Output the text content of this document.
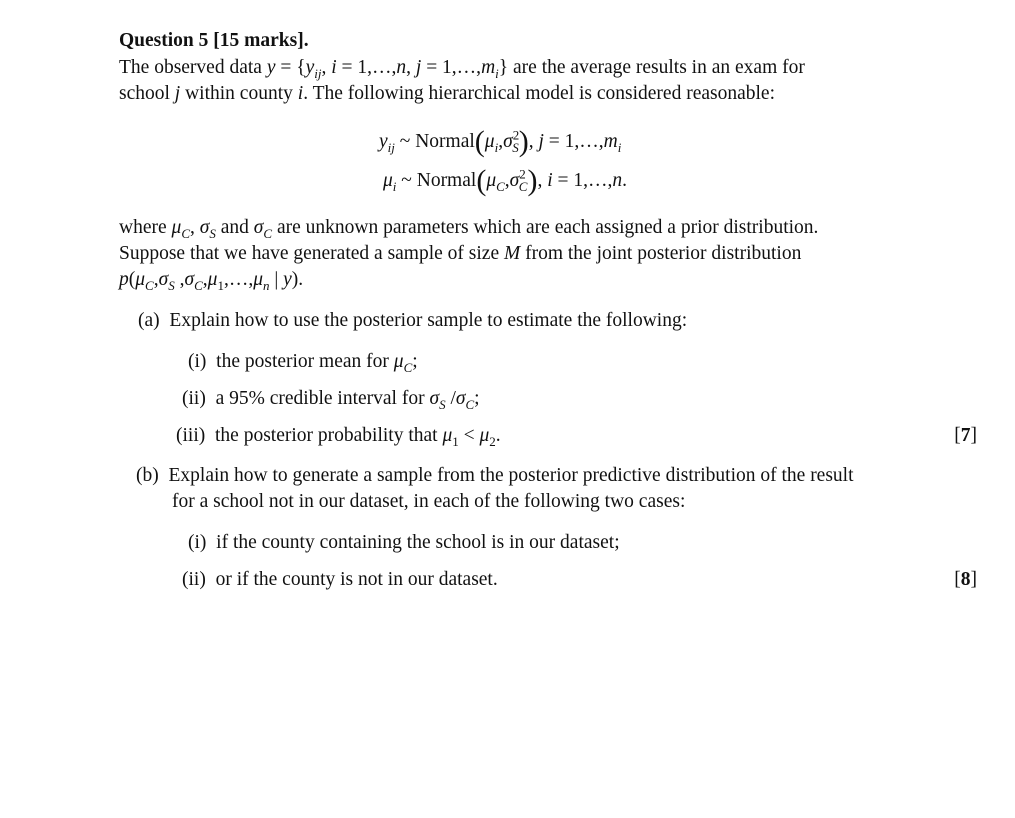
Question 5 [15 marks].
The observed data $y = \{y_{ij}$, i = 1,…,n, $j = 1,\dots,m_i$} are the average results in an exam for
school j within county i. The following hierarchical model is considered reasonable:
$y_{ij}$ ~ $Normal(\mu_i,\sigma^2_S)$, $j = 1,\dots,m_i$
$\mu_i$ ~ $Normal(\mu_C,\sigma^2_C)$, i = 1,…,n.
where $\mu_C$, $\sigma_S$ and $\sigma_C$ are unknown parameters which are each assigned a prior distribution.
Suppose that we have generated a sample of size M from the joint posterior distribution
$p(\mu_C,\sigma_S$ $,\sigma_C,\mu_1,\dots,\mu_n$ | y).
(a) Explain how to use the posterior sample to estimate the following:
(i) the posterior mean for $\mu_C$;
(ii) a 95% credible interval for $\sigma_S$ $/\sigma_C$;
(iii) the posterior probability that $\mu_1 < \mu_2$.	[7]
(b) Explain how to generate a sample from the posterior predictive distribution of the result
for a school not in our dataset, in each of the following two cases:
(i) if the county containing the school is in our dataset;
(ii) or if the county is not in our dataset.	[8]
